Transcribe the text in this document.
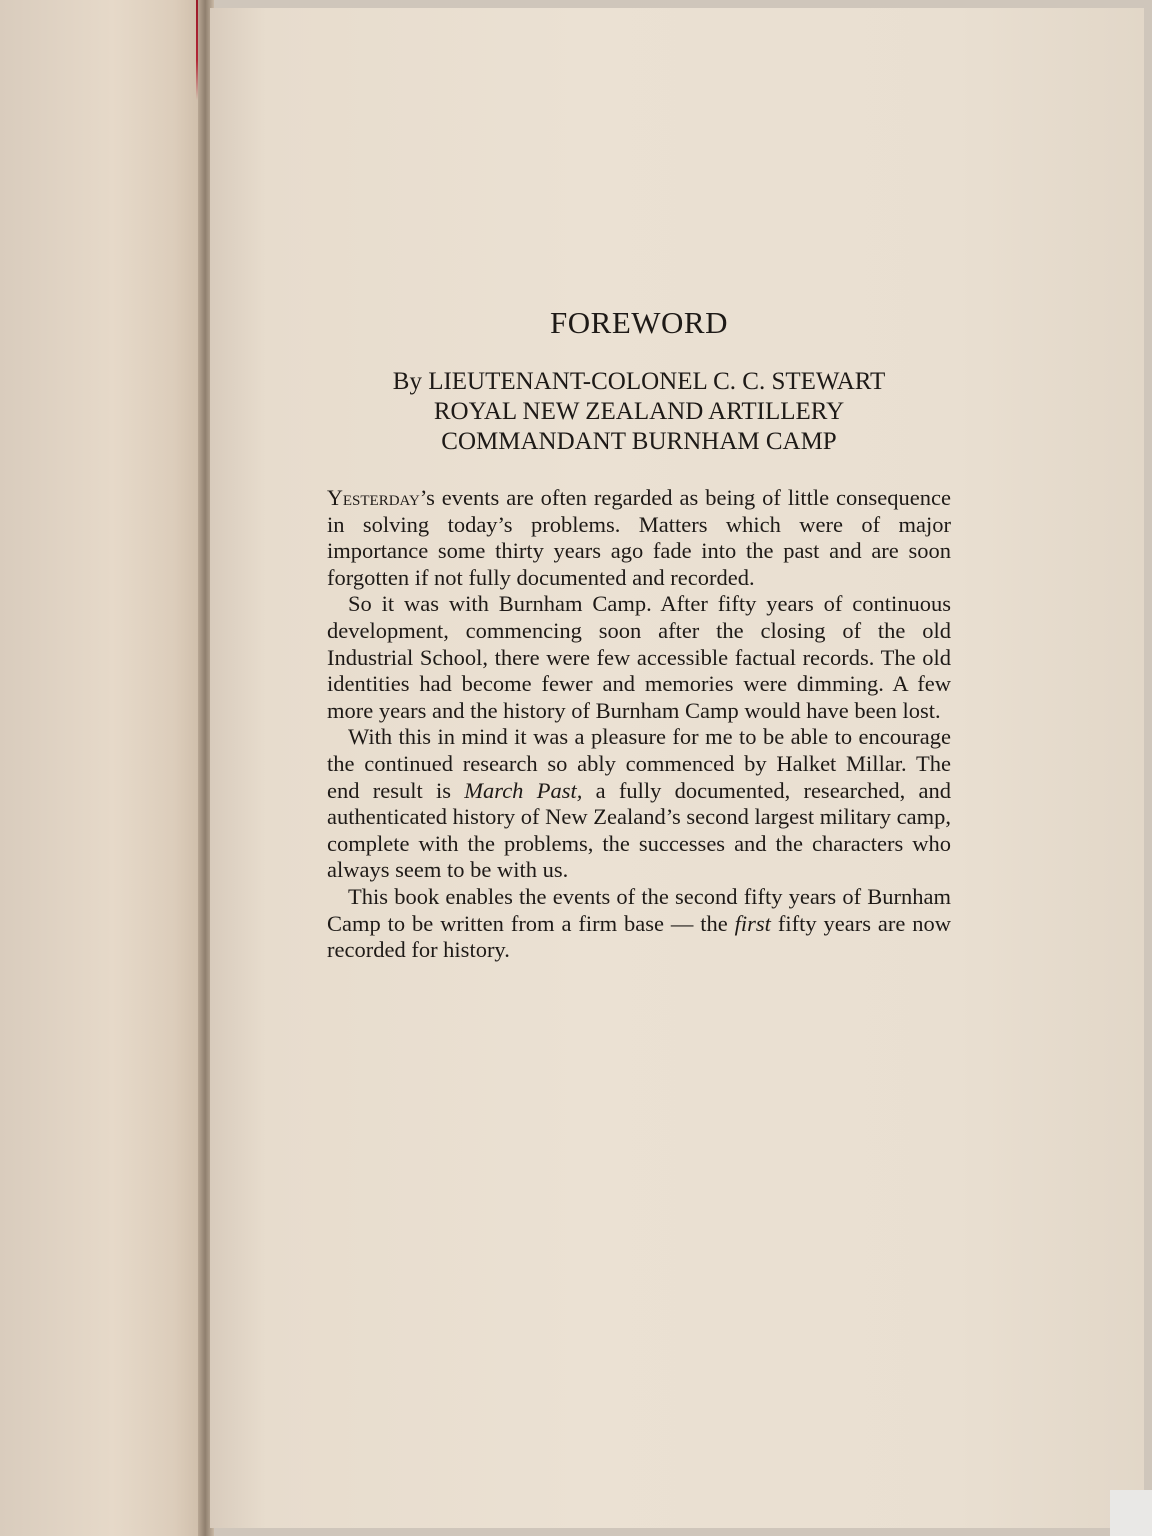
FOREWORD
By LIEUTENANT-COLONEL C. C. STEWART
ROYAL NEW ZEALAND ARTILLERY
COMMANDANT BURNHAM CAMP

Yesterday’s events are often regarded as being of little consequence in solving today’s problems. Matters which were of major importance some thirty years ago fade into the past and are soon forgotten if not fully documented and recorded.

So it was with Burnham Camp. After fifty years of continuous development, commencing soon after the closing of the old Industrial School, there were few accessible factual records. The old identities had become fewer and memories were dimming. A few more years and the history of Burnham Camp would have been lost.

With this in mind it was a pleasure for me to be able to encourage the continued research so ably commenced by Halket Millar. The end result is March Past, a fully documented, researched, and authenticated history of New Zealand’s second largest military camp, complete with the problems, the successes and the characters who always seem to be with us.

This book enables the events of the second fifty years of Burnham Camp to be written from a firm base — the first fifty years are now recorded for history.
